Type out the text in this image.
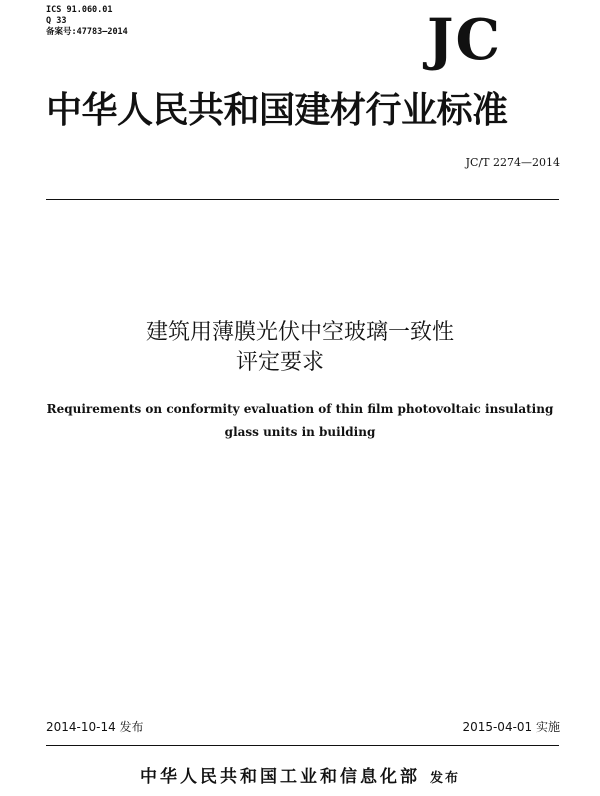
ICS 91.060.01
Q 33
备案号:47783—2014	JC
中华人民共和国建材行业标准
JC/T 2274—2014
建筑用薄膜光伏中空玻璃一致性
评定要求
Requirements on conformity evaluation of thin film photovoltaic insulating
glass units in building
2014-10-14 发布	2015-04-01 实施
中华人民共和国工业和信息化部 发布
